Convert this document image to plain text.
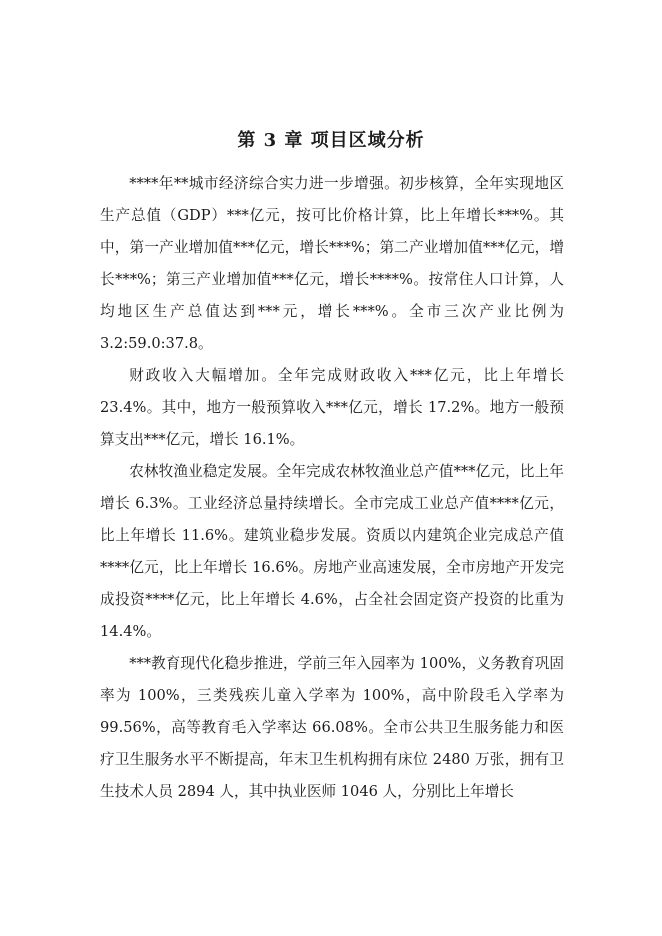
第 3 章 项目区域分析

****年**城市经济综合实力进一步增强。初步核算，全年实现地区生产总值（GDP）***亿元，按可比价格计算，比上年增长***%。其中，第一产业增加值***亿元，增长***%；第二产业增加值***亿元，增长***%；第三产业增加值***亿元，增长****%。按常住人口计算，人均地区生产总值达到***元，增长***%。全市三次产业比例为 3.2:59.0:37.8。

财政收入大幅增加。全年完成财政收入***亿元，比上年增长 23.4%。其中，地方一般预算收入***亿元，增长 17.2%。地方一般预算支出***亿元，增长 16.1%。

农林牧渔业稳定发展。全年完成农林牧渔业总产值***亿元，比上年增长 6.3%。工业经济总量持续增长。全市完成工业总产值****亿元，比上年增长 11.6%。建筑业稳步发展。资质以内建筑企业完成总产值****亿元，比上年增长 16.6%。房地产业高速发展，全市房地产开发完成投资****亿元，比上年增长 4.6%，占全社会固定资产投资的比重为 14.4%。

***教育现代化稳步推进，学前三年入园率为 100%，义务教育巩固率为 100%，三类残疾儿童入学率为 100%，高中阶段毛入学率为 99.56%，高等教育毛入学率达 66.08%。全市公共卫生服务能力和医疗卫生服务水平不断提高，年末卫生机构拥有床位 2480 万张，拥有卫生技术人员 2894 人，其中执业医师 1046 人，分别比上年增长
